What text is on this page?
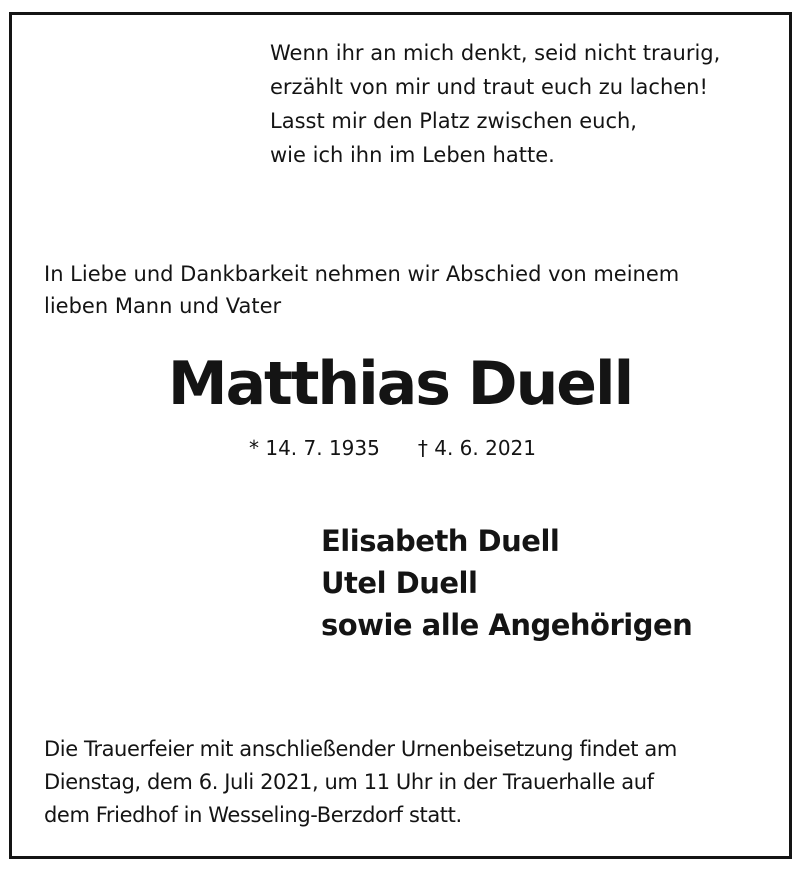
Wenn ihr an mich denkt, seid nicht traurig,
erzählt von mir und traut euch zu lachen!
Lasst mir den Platz zwischen euch,
wie ich ihn im Leben hatte.
In Liebe und Dankbarkeit nehmen wir Abschied von meinem
lieben Mann und Vater
Matthias Duell
* 14. 7. 1935 † 4. 6. 2021
Elisabeth Duell
Utel Duell
sowie alle Angehörigen
Die Trauerfeier mit anschließender Urnenbeisetzung findet am
Dienstag, dem 6. Juli 2021, um 11 Uhr in der Trauerhalle auf
dem Friedhof in Wesseling-Berzdorf statt.
